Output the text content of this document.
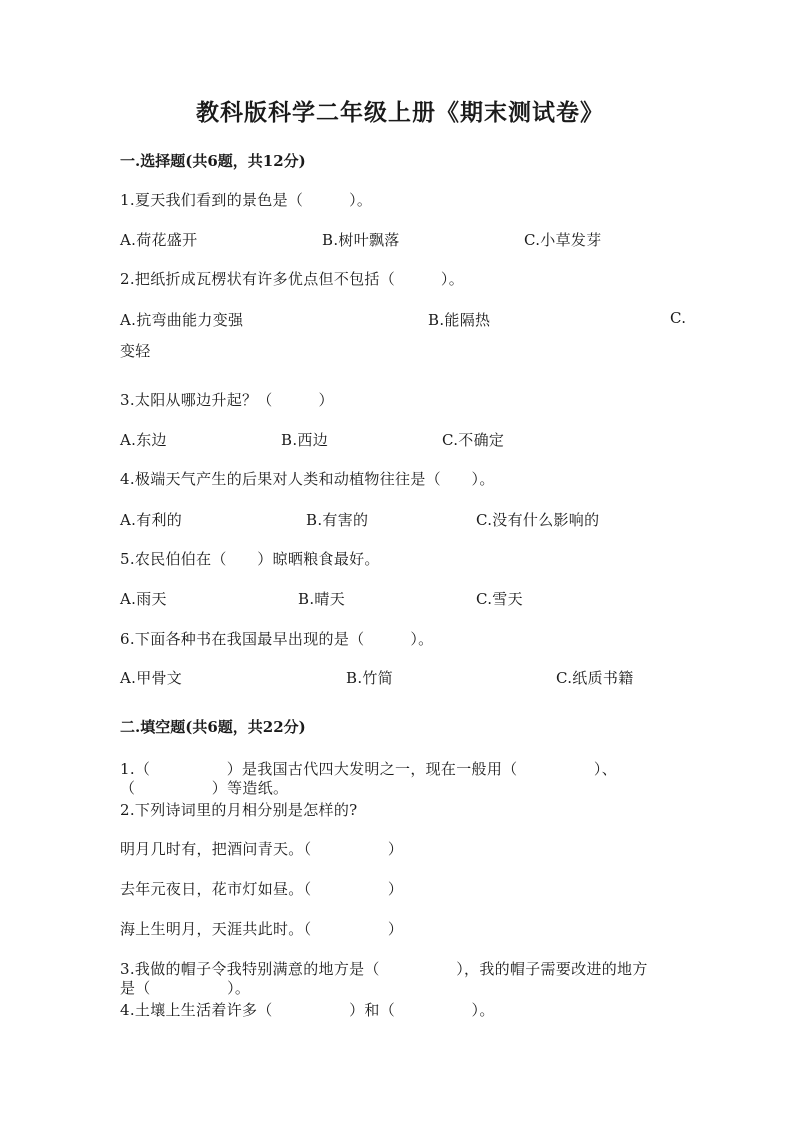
教科版科学二年级上册《期末测试卷》
一.选择题(共6题，共12分)
1.夏天我们看到的景色是（　　　）。
A.荷花盛开	B.树叶飘落	C.小草发芽
2.把纸折成瓦楞状有许多优点但不包括（　　　）。
A.抗弯曲能力变强	B.能隔热	C.
变轻
3.太阳从哪边升起？（　　　）
A.东边	B.西边	C.不确定
4.极端天气产生的后果对人类和动植物往往是（　　）。
A.有利的	B.有害的	C.没有什么影响的
5.农民伯伯在（　　）晾晒粮食最好。
A.雨天	B.晴天	C.雪天
6.下面各种书在我国最早出现的是（　　　）。
A.甲骨文	B.竹简	C.纸质书籍
二.填空题(共6题，共22分)
1.（　　　　　）是我国古代四大发明之一，现在一般用（　　　　　）、
（　　　　　）等造纸。
2.下列诗词里的月相分别是怎样的?
明月几时有，把酒问青天。（　　　　　）
去年元夜日，花市灯如昼。（　　　　　）
海上生明月，天涯共此时。（　　　　　）
3.我做的帽子令我特别满意的地方是（　　　　　），我的帽子需要改进的地方
是（　　　　　）。
4.土壤上生活着许多（　　　　　）和（　　　　　）。
